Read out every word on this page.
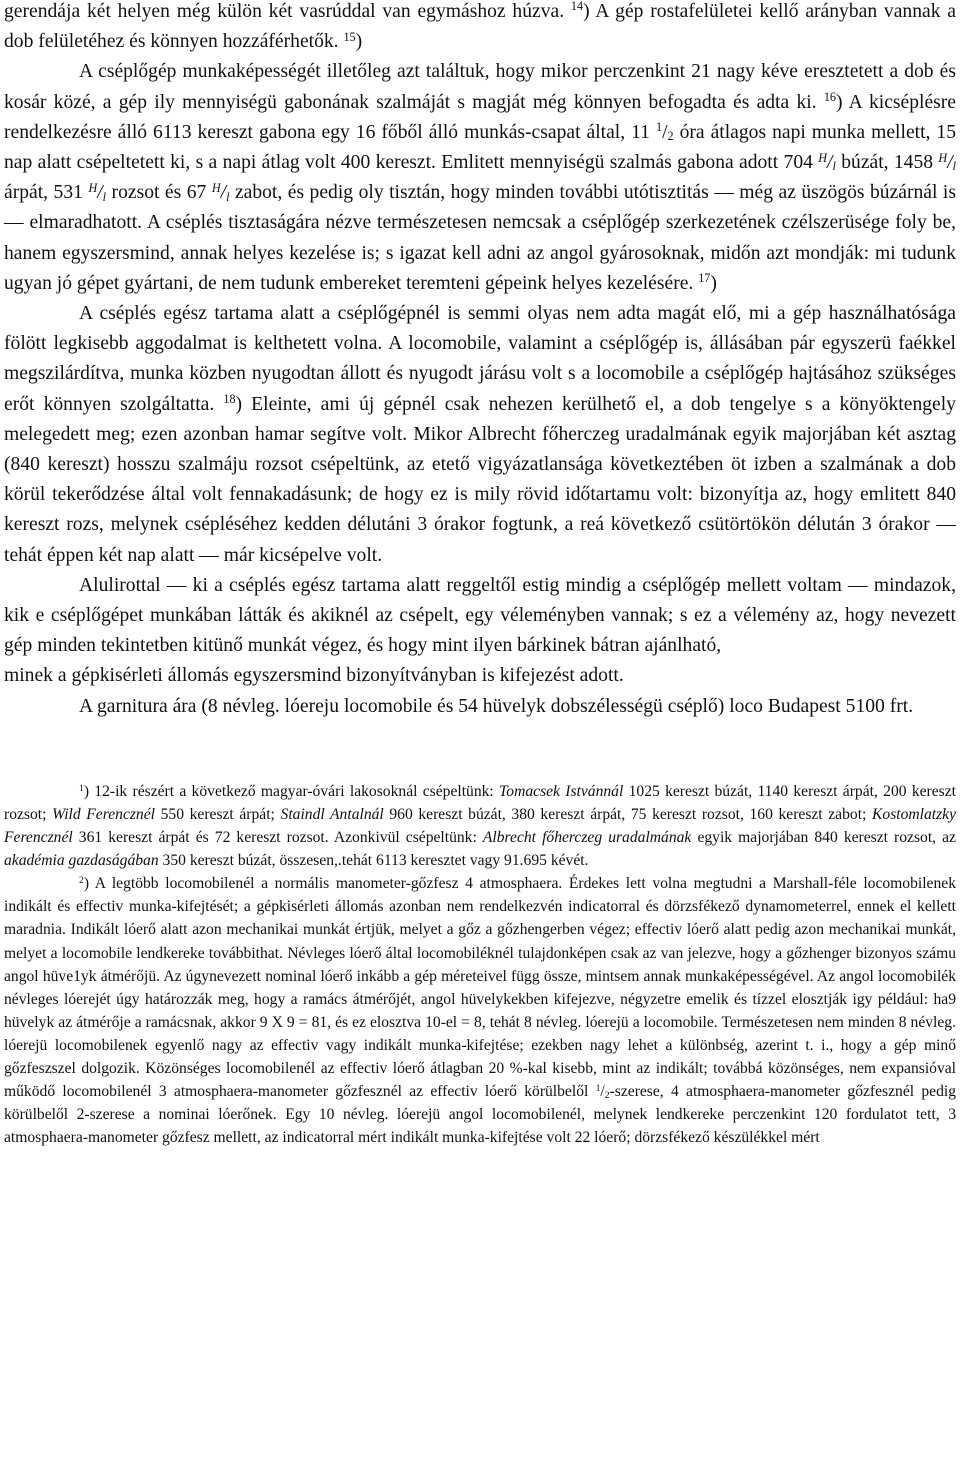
gerendája két helyen még külön két vasrúddal van egymáshoz húzva. $^{14}$) A gép rostafelületei kellő arányban vannak a dob felületéhez és könnyen hozzáférhetők. $^{15}$)

A cséplőgép munkaképességét illetőleg azt találtuk, hogy mikor perczenkint 21 nagy kéve eresztetett a dob és kosár közé, a gép ily mennyiségü gabonának szalmáját s magját még könnyen befogadta és adta ki. $^{16}$) A kicséplésre rendelkezésre álló 6113 kereszt gabona egy 16 főből álló munkás-csapat által, 11 $^1/_2$ óra átlagos napi munka mellett, 15 nap alatt csépeltetett ki, s a napi átlag volt 400 kereszt. Emlitett mennyiségü szalmás gabona adott 704 $^H/_l$ búzát, 1458 $^H/_l$ árpát, 531 $^H/_l$ rozsot és 67 $^H/_l$ zabot, és pedig oly tisztán, hogy minden további utótisztitás — még az üszögös búzárnál is — elmaradhatott. A cséplés tisztaságára nézve természetesen nemcsak a cséplőgép szerkezetének czélszerüsége foly be, hanem egyszersmind, annak helyes kezelése is; s igazat kell adni az angol gyárosoknak, midőn azt mondják: mi tudunk ugyan jó gépet gyártani, de nem tudunk embereket teremteni gépeink helyes kezelésére. $^{17}$)

A cséplés egész tartama alatt a cséplőgépnél is semmi olyas nem adta magát elő, mi a gép használhatósága fölött legkisebb aggodalmat is kelthetett volna. A locomobile, valamint a cséplőgép is, állásában pár egyszerü faékkel megszilárdítva, munka közben nyugodtan állott és nyugodt járásu volt s a locomobile a cséplőgép hajtásához szükséges erőt könnyen szolgáltatta. $^{18}$) Eleinte, ami új gépnél csak nehezen kerülhető el, a dob tengelye s a könyöktengely melegedett meg; ezen azonban hamar segítve volt. Mikor Albrecht főherczeg uradalmának egyik majorjában két asztag (840 kereszt) hosszu szalmáju rozsot csépeltünk, az etető vigyázatlansága következtében öt izben a szalmának a dob körül tekerődzése által volt fennakadásunk; de hogy ez is mily rövid időtartamu volt: bizonyítja az, hogy emlitett 840 kereszt rozs, melynek csépléséhez kedden délutáni 3 órakor fogtunk, a reá következő csütörtökön délután 3 órakor — tehát éppen két nap alatt — már kicsépelve volt.

Alulirottal — ki a cséplés egész tartama alatt reggeltől estig mindig a cséplőgép mellett voltam — mindazok, kik e cséplőgépet munkában látták és akiknél az csépelt, egy véleményben vannak; s ez a vélemény az, hogy nevezett gép minden tekintetben kitünő munkát végez, és hogy mint ilyen bárkinek bátran ajánlható,

minek a gépkisérleti állomás egyszersmind bizonyítványban is kifejezést adott.

A garnitura ára (8 névleg. lóereju locomobile és 54 hüvelyk dobszélességü cséplő) loco Budapest 5100 frt.

$^1$) 12-ik részért a következő magyar-óvári lakosoknál csépeltünk: Tomacsek Istvánnál 1025 kereszt búzát, 1140 kereszt árpát, 200 kereszt rozsot; Wild Ferencznél 550 kereszt árpát; Staindl Antalnál 960 kereszt búzát, 380 kereszt árpát, 75 kereszt rozsot, 160 kereszt zabot; Kostomlatzky Ferencznél 361 kereszt árpát és 72 kereszt rozsot. Azonkivül csépeltünk: Albrecht főherczeg uradalmának egyik majorjában 840 kereszt rozsot, az akadémia gazdaságában 350 kereszt búzát, összesen,.tehát 6113 keresztet vagy 91.695 kévét.

$^2$) A legtöbb locomobilenél a normális manometer-gőzfesz 4 atmosphaera. Érdekes lett volna megtudni a Marshall-féle locomobilenek indikált és effectiv munka-kifejtését; a gépkisérleti állomás azonban nem rendelkezvén indicatorral és dörzsfékező dynamometerrel, ennek el kellett maradnia. Indikált lóerő alatt azon mechanikai munkát értjük, melyet a gőz a gőzhengerben végez; effectiv lóerő alatt pedig azon mechanikai munkát, melyet a locomobile lendkereke továbbithat. Névleges lóerő által locomobiléknél tulajdonképen csak az van jelezve, hogy a gőzhenger bizonyos számu angol hüve1yk átmérőjü. Az úgynevezett nominal lóerő inkább a gép méreteivel függ össze, mintsem annak munkaképességével. Az angol locomobilék névleges lóerejét úgy határozzák meg, hogy a ramács átmérőjét, angol hüvelykekben kifejezve, négyzetre emelik és tízzel elosztják igy például: ha9 hüvelyk az átmérője a ramácsnak, akkor 9 X 9 = 81, és ez elosztva 10-el = 8, tehát 8 névleg. lóerejü a locomobile. Természetesen nem minden 8 névleg. lóerejü locomobilenek egyenlő nagy az effectiv vagy indikált munka-kifejtése; ezekben nagy lehet a különbség, azerint t. i., hogy a gép minő gőzfeszszel dolgozik. Közönséges locomobilenél az effectiv lóerő átlagban 20 %-kal kisebb, mint az indikált; továbbá közönséges, nem expansióval működő locomobilenél 3 atmosphaera-manometer gőzfesznél az effectiv lóerő körülbelől $^1/_2$-szerese, 4 atmosphaera-manometer gőzfesznél pedig körülbelől 2-szerese a nominai lóerőnek. Egy 10 névleg. lóerejü angol locomobilenél, melynek lendkereke perczenkint 120 fordulatot tett, 3 atmosphaera-manometer gőzfesz mellett, az indicatorral mért indikált munka-kifejtése volt 22 lóerő; dörzsfékező készülékkel mért
